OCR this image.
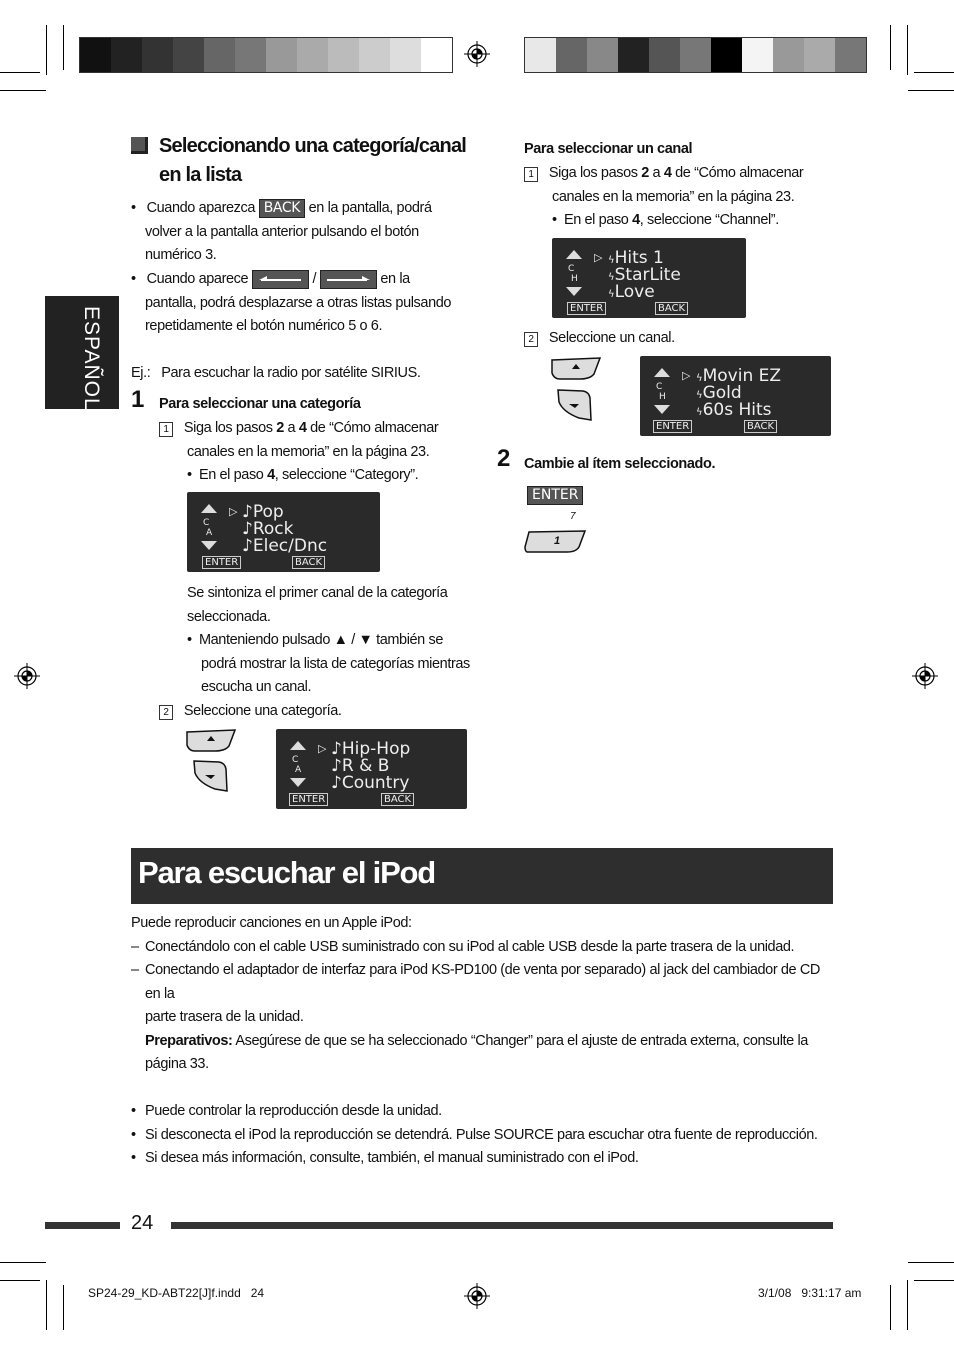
ESPAÑOL
Seleccionando una categoría/canal
en la lista
•   Cuando aparezca BACK en la pantalla, podrá
volver a la pantalla anterior pulsando el botón
numérico 3.
•   Cuando aparece	/	en la
pantalla, podrá desplazarse a otras listas pulsando
repetidamente el botón numérico 5 o 6.
Ej.: Para escuchar la radio por satélite SIRIUS.
1 Para seleccionar una categoría
1 Siga los pasos 2 a 4 de “Cómo almacenar
canales en la memoria” en la página 23.
•  En el paso 4, seleccione “Category”.
C
A
▷ ♪Pop
♪Rock
♪Elec/Dnc
ENTER	BACK
Se sintoniza el primer canal de la categoría
seleccionada.
•  Manteniendo pulsado ▲ / ▼ también se
podrá mostrar la lista de categorías mientras
escucha un canal.
2 Seleccione una categoría.
C
A
▷ ♪Hip-Hop
♪R & B
♪Country
ENTER	BACK
Para seleccionar un canal
1 Siga los pasos 2 a 4 de “Cómo almacenar
canales en la memoria” en la página 23.
•  En el paso 4, seleccione “Channel”.
C
H
▷ ϟHits 1
ϟStarLite
ϟLove
ENTER	BACK
2 Seleccione un canal.
C
H
▷ ϟMovin EZ
ϟGold
ϟ60s Hits
ENTER	BACK
2 Cambie al ítem seleccionado.
ENTER
7
1
Para escuchar el iPod
Puede reproducir canciones en un Apple iPod:
– Conectándolo con el cable USB suministrado con su iPod al cable USB desde la parte trasera de la unidad.
– Conectando el adaptador de interfaz para iPod KS-PD100 (de venta por separado) al jack del cambiador de CD en la
parte trasera de la unidad.
Preparativos: Asegúrese de que se ha seleccionado “Changer” para el ajuste de entrada externa, consulte la
página 33.
• Puede controlar la reproducción desde la unidad.
• Si desconecta el iPod la reproducción se detendrá. Pulse SOURCE para escuchar otra fuente de reproducción.
• Si desea más información, consulte, también, el manual suministrado con el iPod.
24
SP24-29_KD-ABT22[J]f.indd   24	3/1/08   9:31:17 am
